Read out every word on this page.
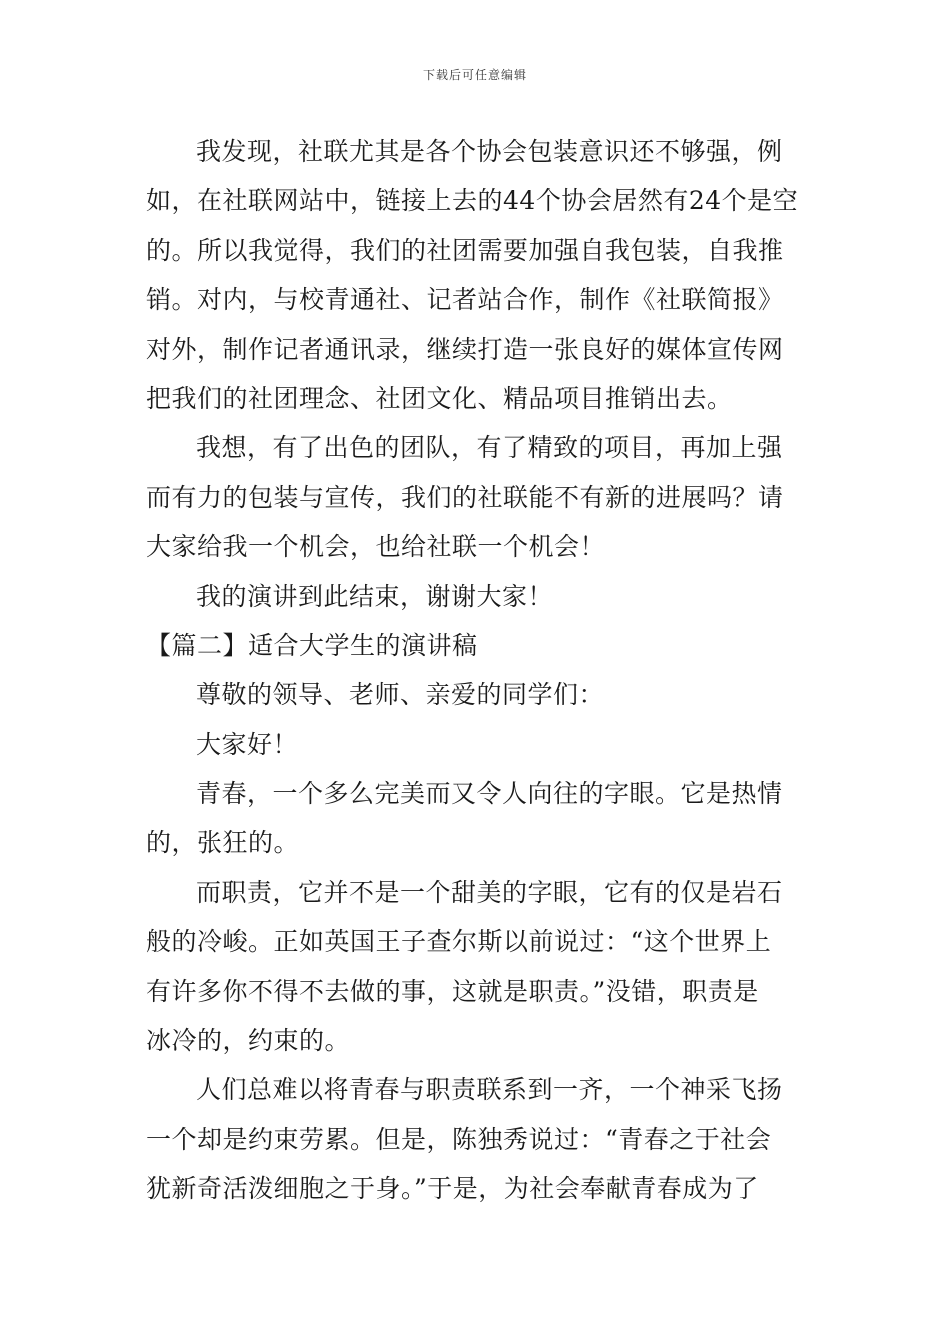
下载后可任意编辑
我发现，社联尤其是各个协会包装意识还不够强，例
如，在社联网站中，链接上去的44个协会居然有24个是空
的。所以我觉得，我们的社团需要加强自我包装，自我推
销。对内，与校青通社、记者站合作，制作《社联简报》
对外，制作记者通讯录，继续打造一张良好的媒体宣传网
把我们的社团理念、社团文化、精品项目推销出去。
我想，有了出色的团队，有了精致的项目，再加上强
而有力的包装与宣传，我们的社联能不有新的进展吗？请
大家给我一个机会，也给社联一个机会！
我的演讲到此结束，谢谢大家！
【篇二】适合大学生的演讲稿
尊敬的领导、老师、亲爱的同学们：
大家好！
青春，一个多么完美而又令人向往的字眼。它是热情
的，张狂的。
而职责，它并不是一个甜美的字眼，它有的仅是岩石
般的冷峻。正如英国王子查尔斯以前说过：“这个世界上
有许多你不得不去做的事，这就是职责。”没错，职责是
冰冷的，约束的。
人们总难以将青春与职责联系到一齐，一个神采飞扬
一个却是约束劳累。但是，陈独秀说过：“青春之于社会
犹新奇活泼细胞之于身。”于是，为社会奉献青春成为了
